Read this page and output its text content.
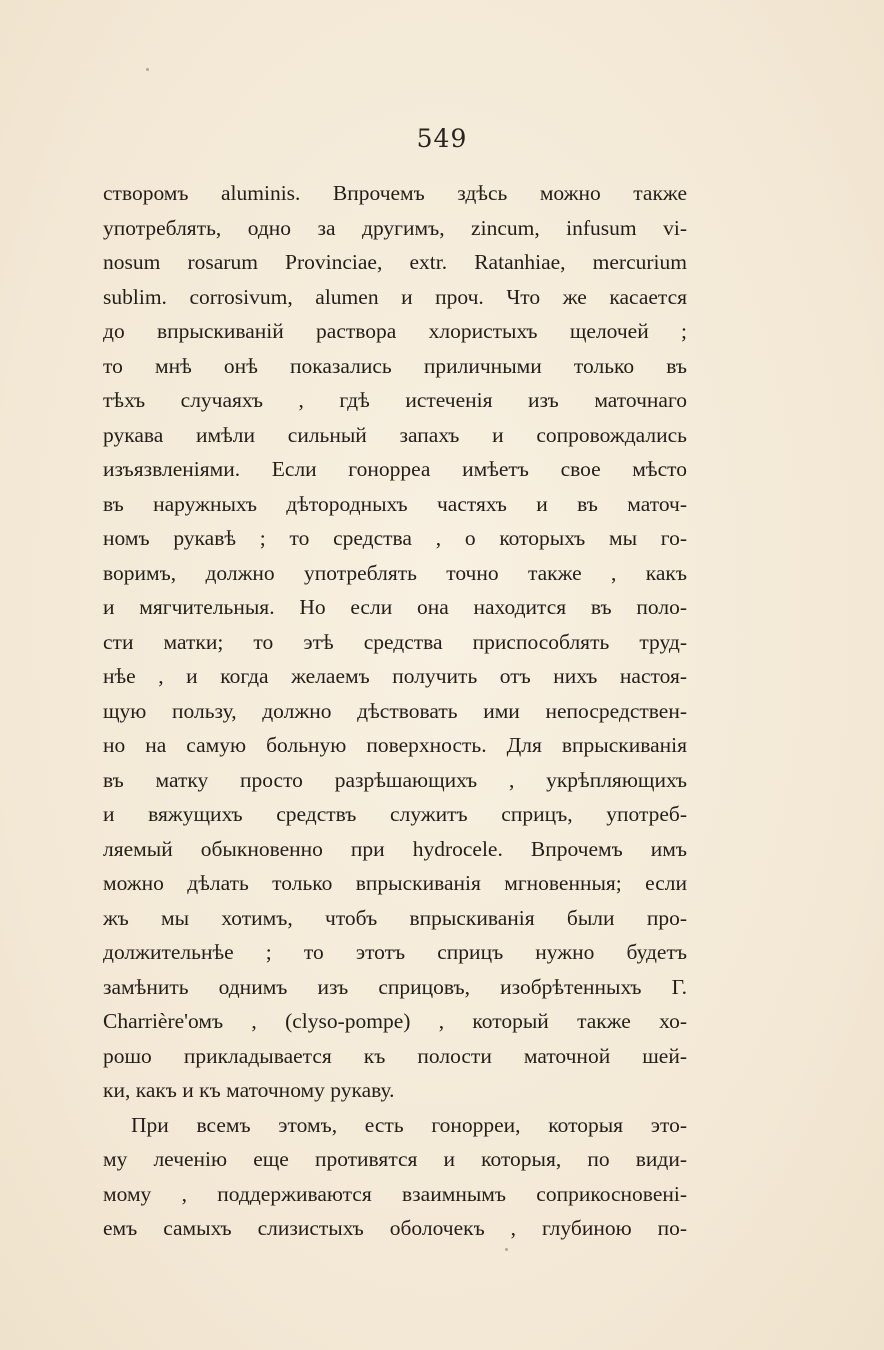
549
створомъ aluminis. Впрочемъ здѣсь можно также
употреблять, одно за другимъ, zincum, infusum vi-
nosum rosarum Provinciae, extr. Ratanhiae, mercurium
sublim. corrosivum, alumen и проч. Что же касается
до впрыскиванiй раствора хлористыхъ щелочей ;
то мнѣ онѣ показались приличными только въ
тѣхъ случаяхъ , гдѣ истеченiя изъ маточнаго
рукава имѣли сильный запахъ и сопровождались
изъязвленiями. Если гонорреа имѣетъ свое мѣсто
въ наружныхъ дѣтородныхъ частяхъ и въ маточ-
номъ рукавѣ ; то средства , о которыхъ мы го-
воримъ, должно употреблять точно также , какъ
и мягчительныя. Но если она находится въ поло-
сти матки; то этѣ средства приспособлять труд-
нѣе , и когда желаемъ получить отъ нихъ настоя-
щую пользу, должно дѣствовать ими непосредствен-
но на самую больную поверхность. Для впрыскиванiя
въ матку просто разрѣшающихъ , укрѣпляющихъ
и вяжущихъ средствъ служитъ сприцъ, употреб-
ляемый обыкновенно при hydrocele. Впрочемъ имъ
можно дѣлать только впрыскиванiя мгновенныя; если
жъ мы хотимъ, чтобъ впрыскиванiя были про-
должительнѣе ; то этотъ сприцъ нужно будетъ
замѣнить однимъ изъ сприцовъ, изобрѣтенныхъ Г.
Charrière'омъ , (clyso-pompe) , который также хо-
рошо прикладывается къ полости маточной шей-
ки, какъ и къ маточному рукаву.
При всемъ этомъ, есть гонорреи, которыя это-
му леченiю еще противятся и которыя, по види-
мому , поддерживаются взаимнымъ соприкосновенi-
емъ самыхъ слизистыхъ оболочекъ , глубиною по-
